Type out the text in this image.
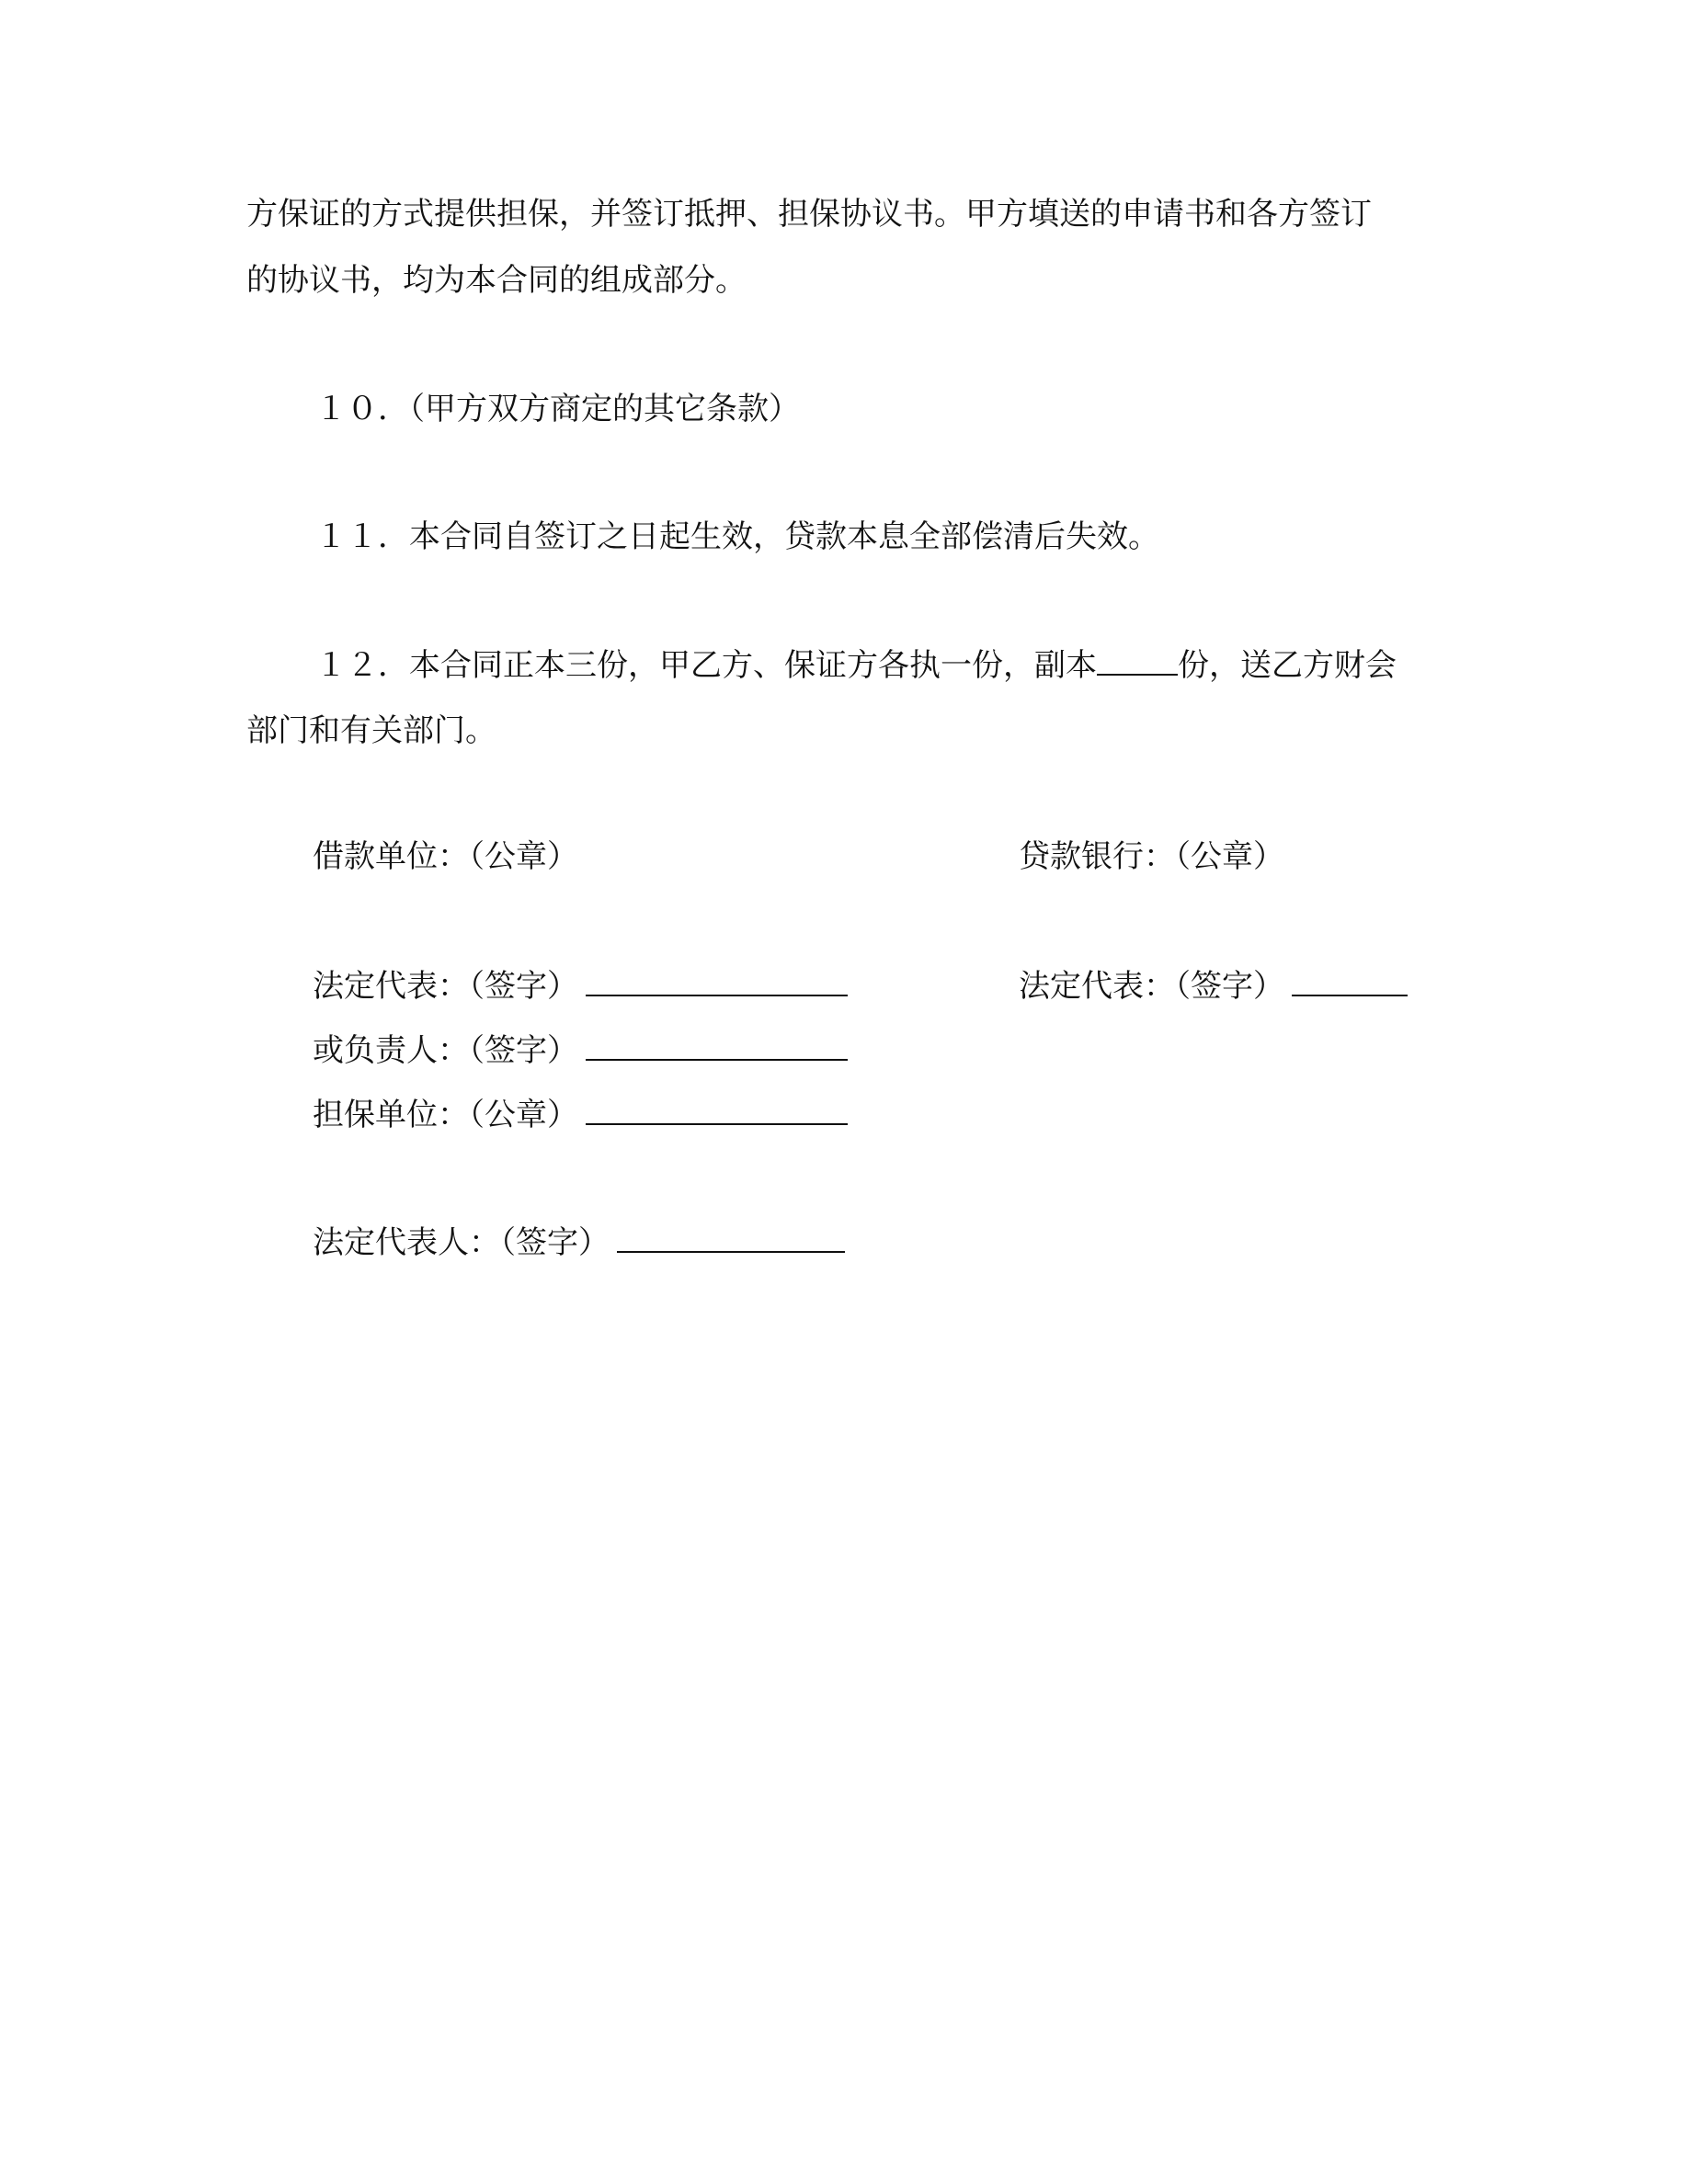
方保证的方式提供担保，并签订抵押、担保协议书。甲方填送的申请书和各方签订
的协议书，均为本合同的组成部分。
１０．（甲方双方商定的其它条款）
１１．本合同自签订之日起生效，贷款本息全部偿清后失效。
１２．本合同正本三份，甲乙方、保证方各执一份，副本	份，送乙方财会
部门和有关部门。
借款单位：（公章）	贷款银行：（公章）
法定代表：（签字）	法定代表：（签字）
或负责人：（签字）
担保单位：（公章）
法定代表人：（签字）
